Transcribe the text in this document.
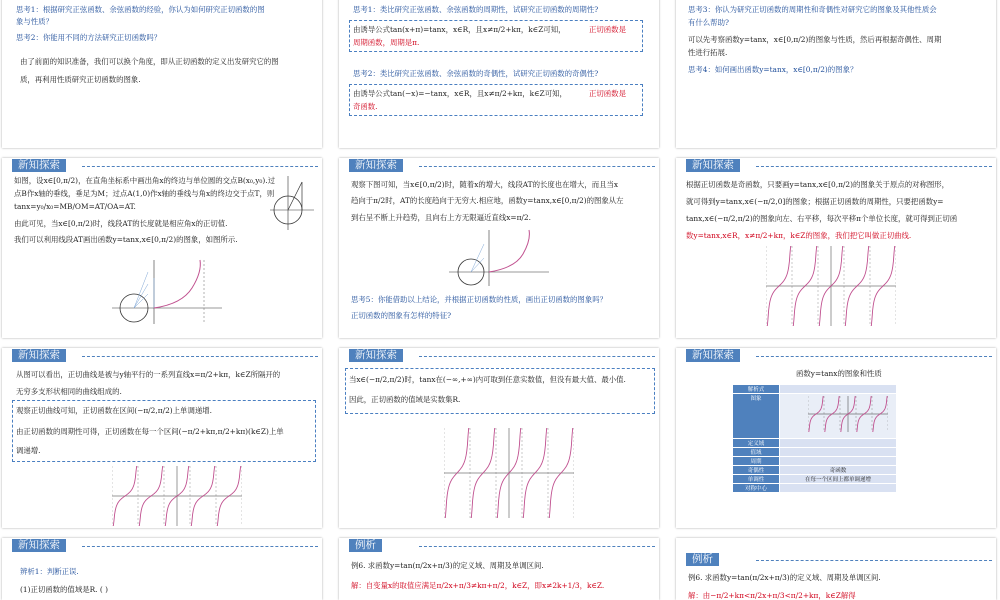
思考1：根据研究正弦函数、余弦函数的经验，你认为如何研究正切函数的图
象与性质？
思考2：你能用不同的方法研究正切函数吗？
由了前面的知识准备，我们可以换个角度，即从正切函数的定义出发研究它的图
质，再利用性质研究正切函数的图象.
思考1：类比研究正弦函数、余弦函数的周期性，试研究正切函数的周期性?
由诱导公式tan(x+π)=tanx，x∈R，且x≠π/2+kπ，k∈Z可知，	正切函数是
周期函数，周期是π.
思考2：类比研究正弦函数、余弦函数的奇偶性，试研究正切函数的奇偶性?
由诱导公式tan(−x)=−tanx，x∈R，且x≠π/2+kπ，k∈Z可知，	正切函数是
奇函数.
思考3：你认为研究正切函数的周期性和奇偶性对研究它的图象及其他性质会
有什么帮助?
可以先考察函数y=tanx，x∈[0,π/2)的图象与性质，然后再根据奇偶性、周期
性进行拓展.
思考4：如何画出函数y=tanx，x∈[0,π/2)的图象？
新知探索
如图，设x∈[0,π/2)，在直角坐标系中画出角x的终边与单位圆的交点B(x₀,y₀).过
点B作x轴的垂线，垂足为M；过点A(1,0)作x轴的垂线与角x的终边交于点T，则
tanx=y₀/x₀=MB/OM=AT/OA=AT.
由此可见，当x∈[0,π/2)时，线段AT的长度就是相应角x的正切值.
我们可以利用线段AT画出函数y=tanx,x∈[0,π/2)的图象，如图所示.
新知探索
观察下图可知，当x∈[0,π/2)时，随着x的增大，线段AT的长度也在增大，而且当x
趋向于π/2时，AT的长度趋向于无穷大.相应地，函数y=tanx,x∈[0,π/2)的图象从左
到右呈不断上升趋势，且向右上方无限逼近直线x=π/2.
思考5：你能借助以上结论，并根据正切函数的性质，画出正切函数的图象吗？
正切函数的图象有怎样的特征?
新知探索
根据正切函数是奇函数，只要画y=tanx,x∈[0,π/2)的图象关于原点的对称图形，
就可得到y=tanx,x∈(−π/2,0]的图象；根据正切函数的周期性，只要把函数y=
tanx,x∈(−π/2,π/2)的图象向左、右平移，每次平移π个单位长度，就可得到正切函
数y=tanx,x∈R，x≠π/2+kπ，k∈Z的图象，我们把它叫做正切曲线.
新知探索
从图可以看出，正切曲线是被与y轴平行的一系列直线x=π/2+kπ，k∈Z所隔开的
无穷多支形状相同的曲线组成的.
观察正切曲线可知，正切函数在区间(−π/2,π/2)上单调递增.
由正切函数的周期性可得，正切函数在每一个区间(−π/2+kπ,π/2+kπ)(k∈Z)上单
调递增.
新知探索
当x∈(−π/2,π/2)时，tanx在(−∞,+∞)内可取到任意实数值，但没有最大值、最小值.
因此，正切函数的值域是实数集R.
新知探索
函数y=tanx的图象和性质
解析式	
图象	
定义域	
值域	
周期	
奇偶性	奇函数
单调性	在每一个区间上都单调递增
对称中心	
新知探索
辨析1：判断正误.
(1)正切函数的值域是R. ( )
例析
例6. 求函数y=tan(π/2x+π/3)的定义域、周期及单调区间.
解：自变量x的取值应满足π/2x+π/3≠kπ+π/2，k∈Z，即x≠2k+1/3，k∈Z.
例析
例6. 求函数y=tan(π/2x+π/3)的定义域、周期及单调区间.
解：由−π/2+kπ<π/2x+π/3<π/2+kπ，k∈Z解得
